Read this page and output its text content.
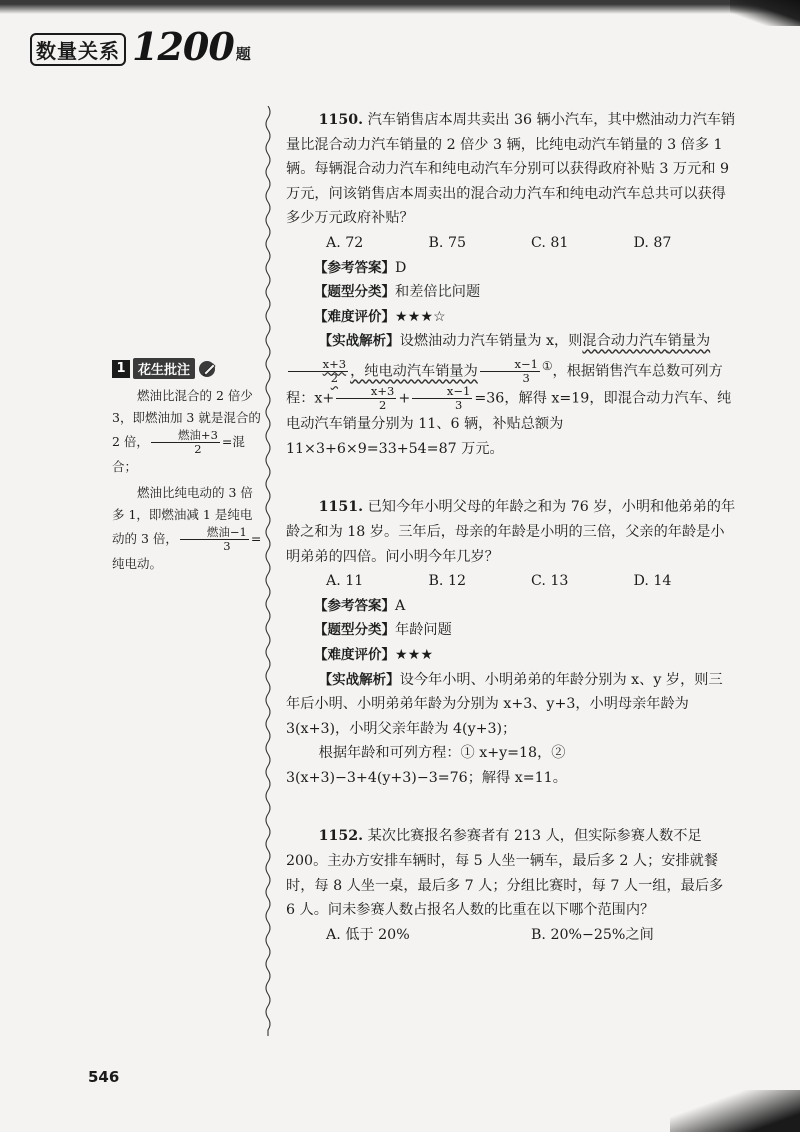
数量关系 1200 题
1 花生批注

燃油比混合的 2 倍少 3，即燃油加 3 就是混合的 2 倍， $\frac{\text{燃油+3}}{2}$ =混合；

燃油比纯电动的 3 倍多 1，即燃油减 1 是纯电动的 3 倍， $\frac{\text{燃油−1}}{3}$ =纯电动。

1150. 汽车销售店本周共卖出 36 辆小汽车，其中燃油动力汽车销量比混合动力汽车销量的 2 倍少 3 辆，比纯电动汽车销量的 3 倍多 1 辆。每辆混合动力汽车和纯电动汽车分别可以获得政府补贴 3 万元和 9 万元，问该销售店本周卖出的混合动力汽车和纯电动汽车总共可以获得多少万元政府补贴？

A. 72	B. 75	C. 81	D. 87

【参考答案】D

【题型分类】和差倍比问题

【难度评价】★★★☆

【实战解析】设燃油动力汽车销量为 x，则混合动力汽车销量为
$\frac{x+3}{2}$ ，纯电动汽车销量为 $\frac{x-1}{3} ^①$，根据销售汽车总数可列方程：$x+ \frac{x+3}{2} + \frac{x-1}{3} =36$，解得 x=19，即混合动力汽车、纯电动汽车销量分别为 11、6 辆，补贴总额为 11×3+6×9=33+54=87 万元。

1151. 已知今年小明父母的年龄之和为 76 岁，小明和他弟弟的年龄之和为 18 岁。三年后，母亲的年龄是小明的三倍，父亲的年龄是小明弟弟的四倍。问小明今年几岁？

A. 11	B. 12	C. 13	D. 14

【参考答案】A

【题型分类】年龄问题

【难度评价】★★★

【实战解析】设今年小明、小明弟弟的年龄分别为 x、y 岁，则三年后小明、小明弟弟年龄为分别为 x+3、y+3，小明母亲年龄为 3(x+3)，小明父亲年龄为 4(y+3)；

根据年龄和可列方程：① x+y=18，② 3(x+3)−3+4(y+3)−3=76；解得 x=11。

1152. 某次比赛报名参赛者有 213 人，但实际参赛人数不足 200。主办方安排车辆时，每 5 人坐一辆车，最后多 2 人；安排就餐时，每 8 人坐一桌，最后多 7 人；分组比赛时，每 7 人一组，最后多 6 人。问未参赛人数占报名人数的比重在以下哪个范围内？

A. 低于 20%	B. 20%−25%之间

546
